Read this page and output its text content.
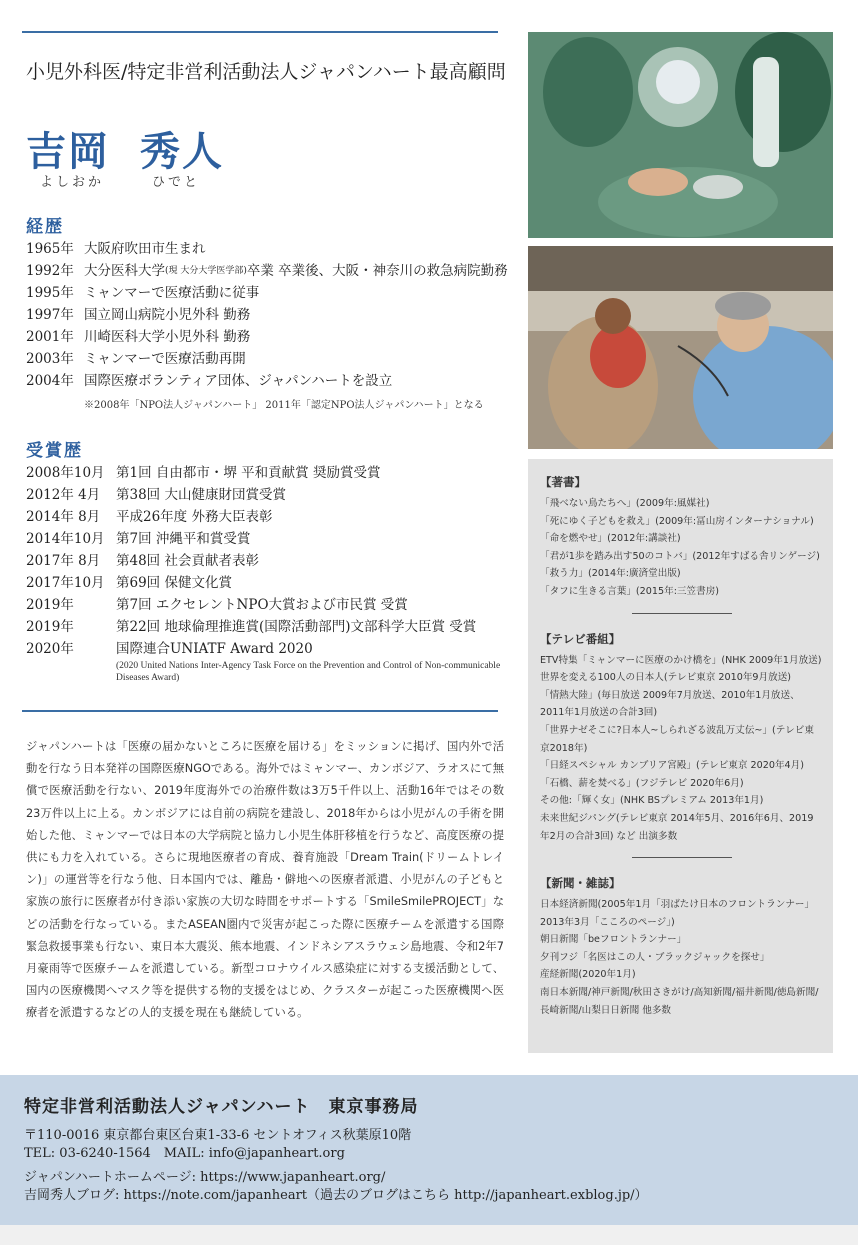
小児外科医/特定非営利活動法人ジャパンハート最高顧問
吉岡 秀人
よしおか	ひでと
経歴
1965年 大阪府吹田市生まれ
1992年 大分医科大学 (現 大分大学医学部) 卒業 卒業後、大阪・神奈川の救急病院勤務
1995年 ミャンマーで医療活動に従事
1997年 国立岡山病院小児外科 勤務
2001年 川崎医科大学小児外科 勤務
2003年 ミャンマーで医療活動再開
2004年 国際医療ボランティア団体、ジャパンハートを設立
※2008年「NPO法人ジャパンハート」 2011年「認定NPO法人ジャパンハート」となる
受賞歴
2008年10月 第1回 自由都市・堺 平和貢献賞 奨励賞受賞
2012年 4月	第38回 大山健康財団賞受賞
2014年 8月	平成26年度 外務大臣表彰
2014年10月 第7回 沖縄平和賞受賞
2017年 8月	第48回 社会貢献者表彰
2017年10月 第69回 保健文化賞
2019年	第7回 エクセレントNPO大賞および市民賞 受賞
2019年	第22回 地球倫理推進賞(国際活動部門)文部科学大臣賞 受賞
2020年	国際連合UNIATF Award 2020
(2020 United Nations Inter-Agency Task Force on the Prevention and Control of Non-communicable Diseases Award)
ジャパンハートは「医療の届かないところに医療を届ける」をミッションに掲げ、国内外で活動を行なう日本発祥の国際医療NGOである。海外ではミャンマー、カンボジア、ラオスにて無償で医療活動を行ない、2019年度海外での治療件数は3万5千件以上、活動16年ではその数23万件以上に上る。カンボジアには自前の病院を建設し、2018年からは小児がんの手術を開始した他、ミャンマーでは日本の大学病院と協力し小児生体肝移植を行うなど、高度医療の提供にも力を入れている。さらに現地医療者の育成、養育施設「Dream Train(ドリームトレイン)」の運営等を行なう他、日本国内では、離島・僻地への医療者派遣、小児がんの子どもと家族の旅行に医療者が付き添い家族の大切な時間をサポートする「SmileSmilePROJECT」などの活動を行なっている。またASEAN圏内で災害が起こった際に医療チームを派遣する国際緊急救援事業も行ない、東日本大震災、熊本地震、インドネシアスラウェシ島地震、令和2年7月豪雨等で医療チームを派遣している。新型コロナウイルス感染症に対する支援活動として、国内の医療機関へマスク等を提供する物的支援をはじめ、クラスターが起こった医療機関へ医療者を派遣するなどの人的支援を現在も継続している。
【著書】
「飛べない鳥たちへ」(2009年:風媒社)
「死にゆく子どもを救え」(2009年:冨山房インターナショナル)
「命を燃やせ」(2012年:講談社)
「君が1歩を踏み出す50のコトバ」(2012年すばる舎リンゲージ)
「救う力」(2014年:廣済堂出版)
「タフに生きる言葉」(2015年:三笠書房)
【テレビ番組】
ETV特集「ミャンマーに医療のかけ橋を」(NHK 2009年1月放送)
世界を変える100人の日本人(テレビ東京 2010年9月放送)
「情熱大陸」(毎日放送 2009年7月放送、2010年1月放送、2011年1月放送の合計3回)
「世界ナゼそこに?日本人~しられざる波乱万丈伝~」(テレビ東京2018年)
「日経スペシャル カンブリア宮殿」(テレビ東京 2020年4月)
「石橋、薪を焚べる」(フジテレビ 2020年6月)
その他:「輝く女」(NHK BSプレミアム 2013年1月)
未来世紀ジパング(テレビ東京 2014年5月、2016年6月、2019年2月の合計3回) など 出演多数
【新聞・雑誌】
日本経済新聞(2005年1月「羽ばたけ日本のフロントランナー」2013年3月「こころのページ」)
朝日新聞「beフロントランナー」
夕刊フジ「名医はこの人・ブラックジャックを探せ」
産経新聞(2020年1月)
南日本新聞/神戸新聞/秋田さきがけ/高知新聞/福井新聞/徳島新聞/長崎新聞/山梨日日新聞 他多数
特定非営利活動法人ジャパンハート　東京事務局
〒110-0016 東京都台東区台東1-33-6 セントオフィス秋葉原10階
TEL: 03-6240-1564　MAIL: info@japanheart.org
ジャパンハートホームページ: https://www.japanheart.org/
吉岡秀人ブログ: https://note.com/japanheart（過去のブログはこちら http://japanheart.exblog.jp/）
